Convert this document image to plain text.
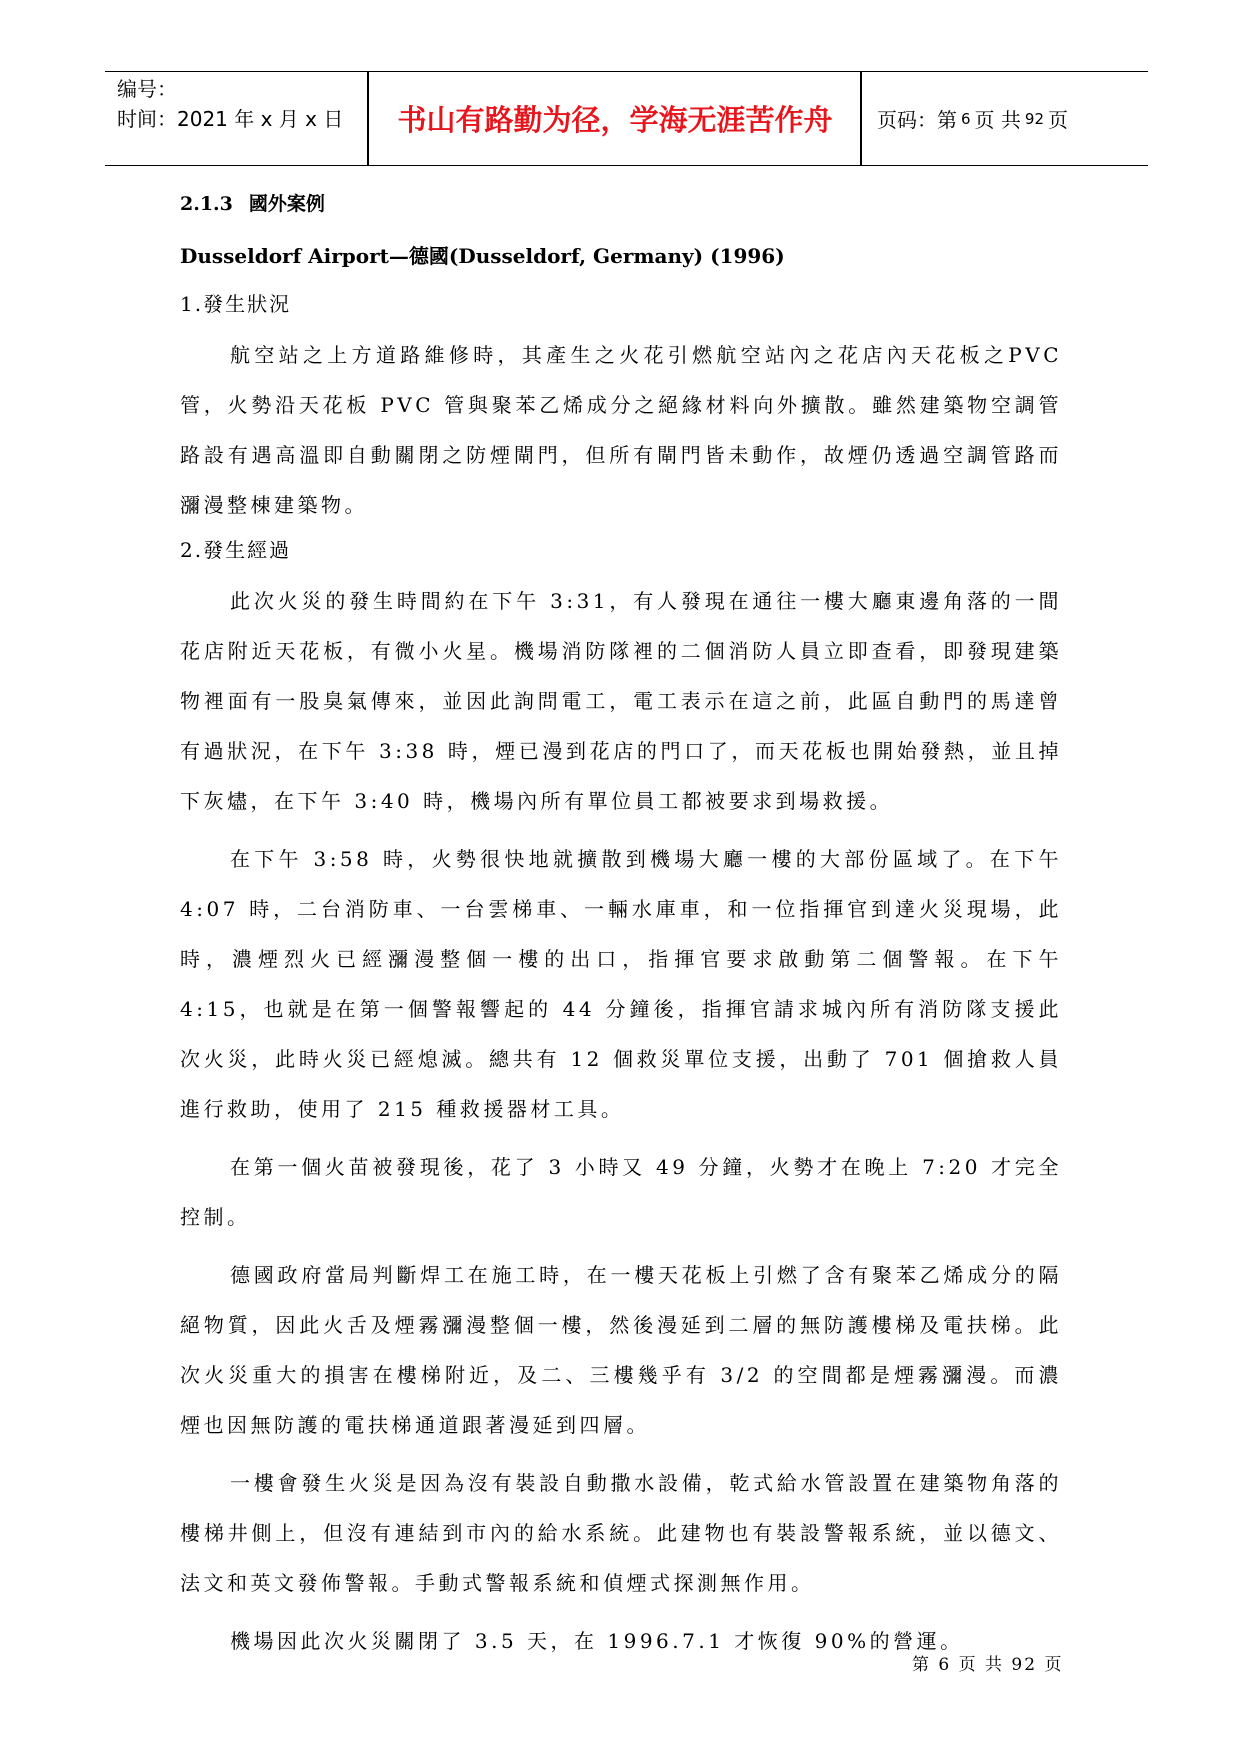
编号：
时间：2021 年 x 月 x 日	书山有路勤为径，学海无涯苦作舟	页码：第 6 页 共 92 页

2.1.3 國外案例

Dusseldorf Airport—德國(Dusseldorf, Germany) (1996)

1.發生狀況

航空站之上方道路維修時，其產生之火花引燃航空站內之花店內天花板之PVC 管，火勢沿天花板 PVC 管與聚苯乙烯成分之絕緣材料向外擴散。雖然建築物空調管路設有遇高溫即自動關閉之防煙閘門，但所有閘門皆未動作，故煙仍透過空調管路而瀰漫整棟建築物。

2.發生經過

此次火災的發生時間約在下午 3:31，有人發現在通往一樓大廳東邊角落的一間花店附近天花板，有微小火星。機場消防隊裡的二個消防人員立即查看，即發現建築物裡面有一股臭氣傳來，並因此詢問電工，電工表示在這之前，此區自動門的馬達曾有過狀況，在下午 3:38 時，煙已漫到花店的門口了，而天花板也開始發熱，並且掉下灰燼，在下午 3:40 時，機場內所有單位員工都被要求到場救援。

在下午 3:58 時，火勢很快地就擴散到機場大廳一樓的大部份區域了。在下午 4:07 時，二台消防車、一台雲梯車、一輛水庫車，和一位指揮官到達火災現場，此時，濃煙烈火已經瀰漫整個一樓的出口，指揮官要求啟動第二個警報。在下午 4:15，也就是在第一個警報響起的 44 分鐘後，指揮官請求城內所有消防隊支援此次火災，此時火災已經熄滅。總共有 12 個救災單位支援，出動了 701 個搶救人員進行救助，使用了 215 種救援器材工具。

在第一個火苗被發現後，花了 3 小時又 49 分鐘，火勢才在晚上 7:20 才完全控制。

德國政府當局判斷焊工在施工時，在一樓天花板上引燃了含有聚苯乙烯成分的隔絕物質，因此火舌及煙霧瀰漫整個一樓，然後漫延到二層的無防護樓梯及電扶梯。此次火災重大的損害在樓梯附近，及二、三樓幾乎有 3/2 的空間都是煙霧瀰漫。而濃煙也因無防護的電扶梯通道跟著漫延到四層。

一樓會發生火災是因為沒有裝設自動撒水設備，乾式給水管設置在建築物角落的樓梯井側上，但沒有連結到市內的給水系統。此建物也有裝設警報系統，並以德文、法文和英文發佈警報。手動式警報系統和偵煙式探測無作用。

機場因此次火災關閉了 3.5 天，在 1996.7.1 才恢復 90%的營運。

第 6 页 共 92 页
